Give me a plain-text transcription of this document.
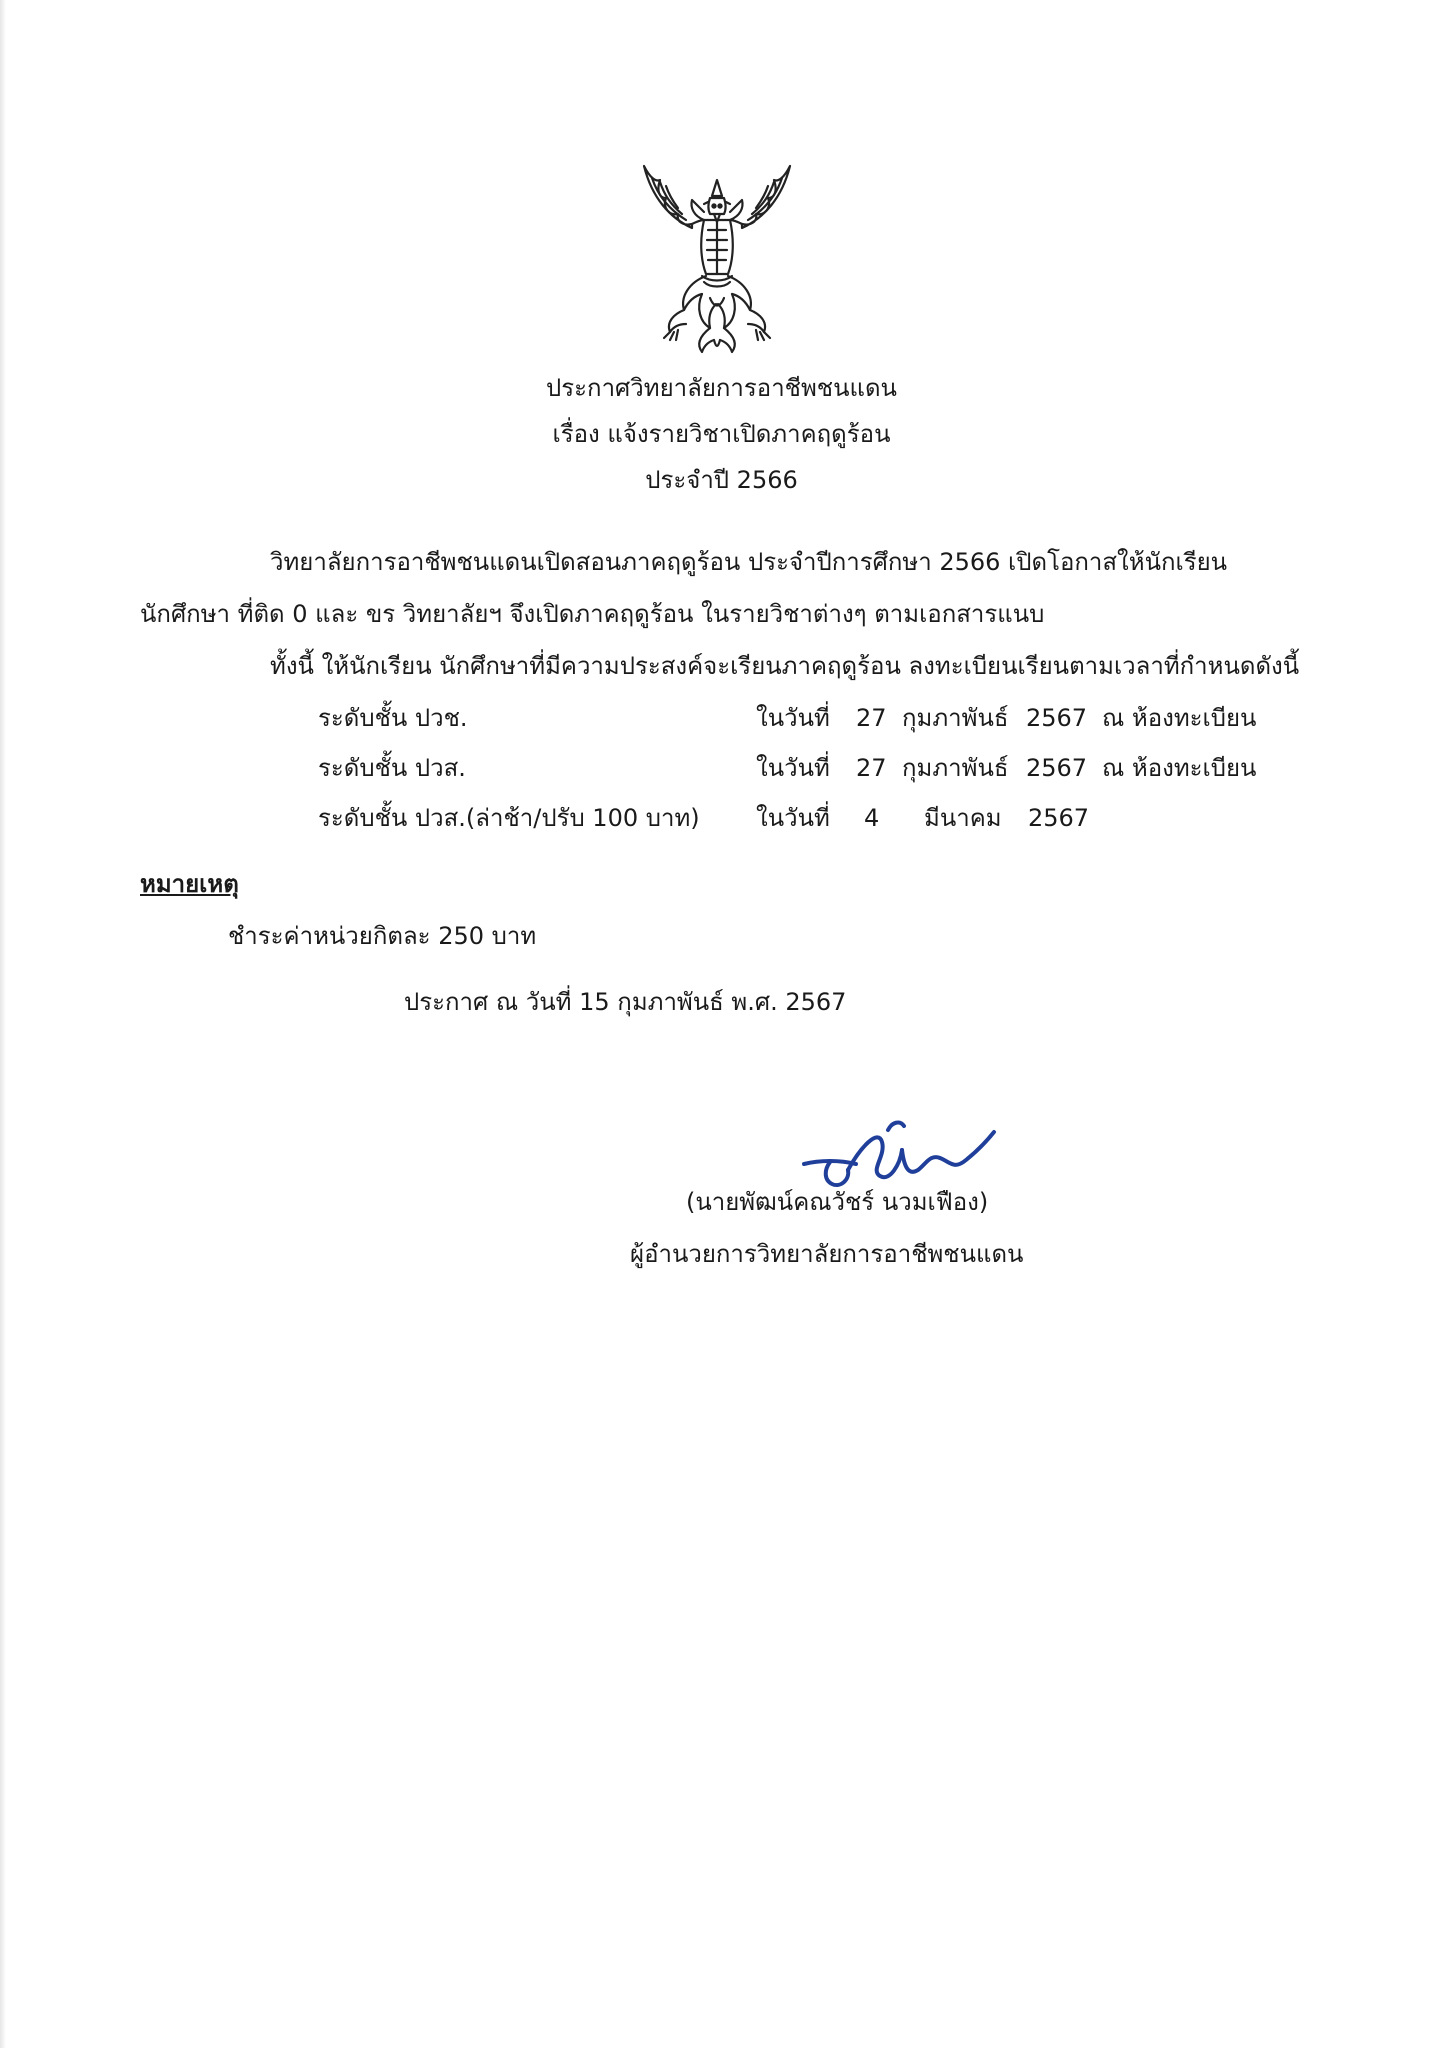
ประกาศวิทยาลัยการอาชีพชนแดน
เรื่อง แจ้งรายวิชาเปิดภาคฤดูร้อน
ประจำปี 2566
วิทยาลัยการอาชีพชนแดนเปิดสอนภาคฤดูร้อน ประจำปีการศึกษา 2566 เปิดโอกาสให้นักเรียน
นักศึกษา ที่ติด 0 และ ขร วิทยาลัยฯ จึงเปิดภาคฤดูร้อน ในรายวิชาต่างๆ ตามเอกสารแนบ
ทั้งนี้ ให้นักเรียน นักศึกษาที่มีความประสงค์จะเรียนภาคฤดูร้อน ลงทะเบียนเรียนตามเวลาที่กำหนดดังนี้
ระดับชั้น ปวช.	ในวันที่ 27 กุมภาพันธ์ 2567 ณ ห้องทะเบียน
ระดับชั้น ปวส.	ในวันที่ 27 กุมภาพันธ์ 2567 ณ ห้องทะเบียน
ระดับชั้น ปวส.(ล่าช้า/ปรับ 100 บาท) ในวันที่ 4 มีนาคม 2567
หมายเหตุ
ชำระค่าหน่วยกิตละ 250 บาท
ประกาศ ณ วันที่ 15 กุมภาพันธ์ พ.ศ. 2567
(นายพัฒน์คณวัชร์ นวมเฟือง)
ผู้อำนวยการวิทยาลัยการอาชีพชนแดน
